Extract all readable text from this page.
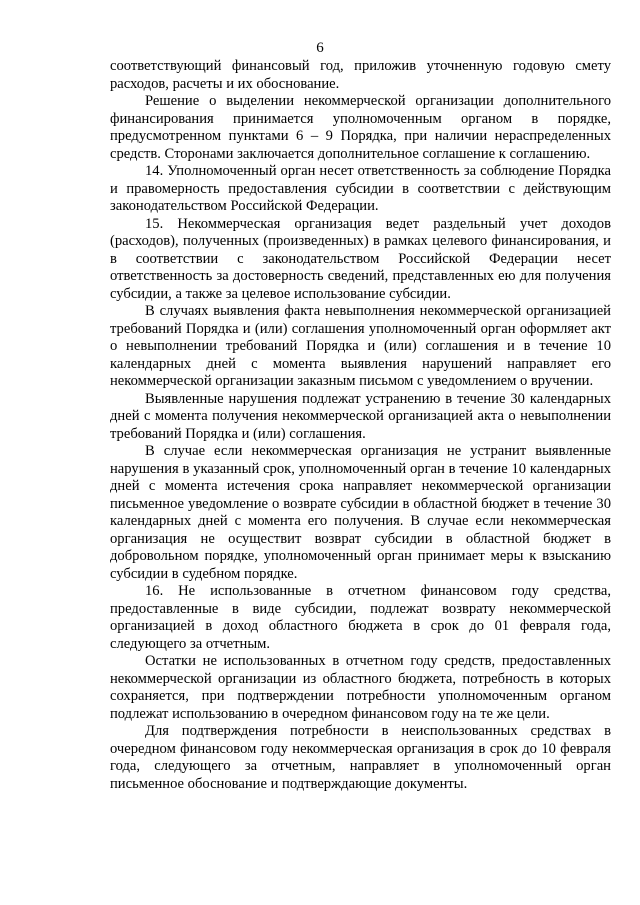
6

соответствующий финансовый год, приложив уточненную годовую смету расходов, расчеты и их обоснование.

Решение о выделении некоммерческой организации дополнительного финансирования принимается уполномоченным органом в порядке, предусмотренном пунктами 6 – 9 Порядка, при наличии нераспределенных средств. Сторонами заключается дополнительное соглашение к соглашению.

14. Уполномоченный орган несет ответственность за соблюдение Порядка и правомерность предоставления субсидии в соответствии с действующим законодательством Российской Федерации.

15. Некоммерческая организация ведет раздельный учет доходов (расходов), полученных (произведенных) в рамках целевого финансирования, и в соответствии с законодательством Российской Федерации несет ответственность за достоверность сведений, представленных ею для получения субсидии, а также за целевое использование субсидии.

В случаях выявления факта невыполнения некоммерческой организацией требований Порядка и (или) соглашения уполномоченный орган оформляет акт о невыполнении требований Порядка и (или) соглашения и в течение 10 календарных дней с момента выявления нарушений направляет его некоммерческой организации заказным письмом с уведомлением о вручении.

Выявленные нарушения подлежат устранению в течение 30 календарных дней с момента получения некоммерческой организацией акта о невыполнении требований Порядка и (или) соглашения.

В случае если некоммерческая организация не устранит выявленные нарушения в указанный срок, уполномоченный орган в течение 10 календарных дней с момента истечения срока направляет некоммерческой организации письменное уведомление о возврате субсидии в областной бюджет в течение 30 календарных дней с момента его получения. В случае если некоммерческая организация не осуществит возврат субсидии в областной бюджет в добровольном порядке, уполномоченный орган принимает меры к взысканию субсидии в судебном порядке.

16. Не использованные в отчетном финансовом году средства, предоставленные в виде субсидии, подлежат возврату некоммерческой организацией в доход областного бюджета в срок до 01 февраля года, следующего за отчетным.

Остатки не использованных в отчетном году средств, предоставленных некоммерческой организации из областного бюджета, потребность в которых сохраняется, при подтверждении потребности уполномоченным органом подлежат использованию в очередном финансовом году на те же цели.

Для подтверждения потребности в неиспользованных средствах в очередном финансовом году некоммерческая организация в срок до 10 февраля года, следующего за отчетным, направляет в уполномоченный орган письменное обоснование и подтверждающие документы.
